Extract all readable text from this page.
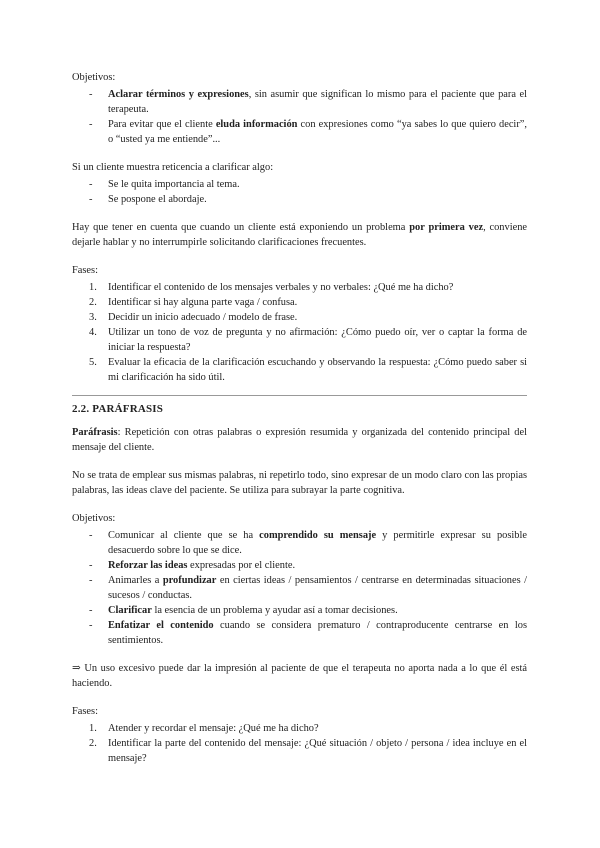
Objetivos:

- Aclarar términos y expresiones, sin asumir que significan lo mismo para el paciente que para el terapeuta.
- Para evitar que el cliente eluda información con expresiones como “ya sabes lo que quiero decir”, o “usted ya me entiende”...

Si un cliente muestra reticencia a clarificar algo:

- Se le quita importancia al tema.
- Se pospone el abordaje.

Hay que tener en cuenta que cuando un cliente está exponiendo un problema por primera vez, conviene dejarle hablar y no interrumpirle solicitando clarificaciones frecuentes.

Fases:

1. Identificar el contenido de los mensajes verbales y no verbales: ¿Qué me ha dicho?
2. Identificar si hay alguna parte vaga / confusa.
3. Decidir un inicio adecuado / modelo de frase.
4. Utilizar un tono de voz de pregunta y no afirmación: ¿Cómo puedo oír, ver o captar la forma de iniciar la respuesta?
5. Evaluar la eficacia de la clarificación escuchando y observando la respuesta: ¿Cómo puedo saber si mi clarificación ha sido útil.
2.2. PARÁFRASIS

Paráfrasis: Repetición con otras palabras o expresión resumida y organizada del contenido principal del mensaje del cliente.

No se trata de emplear sus mismas palabras, ni repetirlo todo, sino expresar de un modo claro con las propias palabras, las ideas clave del paciente. Se utiliza para subrayar la parte cognitiva.

Objetivos:

- Comunicar al cliente que se ha comprendido su mensaje y permitirle expresar su posible desacuerdo sobre lo que se dice.
- Reforzar las ideas expresadas por el cliente.
- Animarles a profundizar en ciertas ideas / pensamientos / centrarse en determinadas situaciones / sucesos / conductas.
- Clarificar la esencia de un problema y ayudar así a tomar decisiones.
- Enfatizar el contenido cuando se considera prematuro / contraproducente centrarse en los sentimientos.

⇒ Un uso excesivo puede dar la impresión al paciente de que el terapeuta no aporta nada a lo que él está haciendo.

Fases:

1. Atender y recordar el mensaje: ¿Qué me ha dicho?
2. Identificar la parte del contenido del mensaje: ¿Qué situación / objeto / persona / idea incluye en el mensaje?
